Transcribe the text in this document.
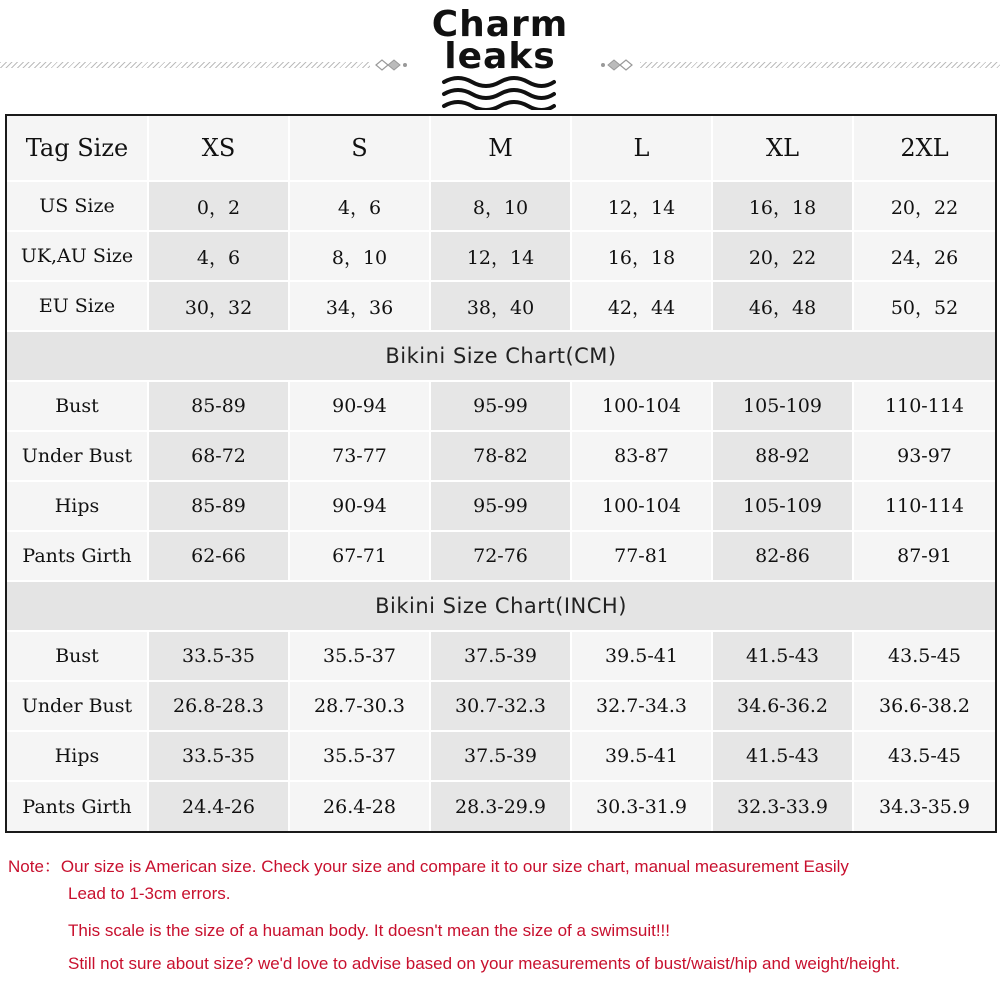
Charm
leaks
Tag Size	XS	S	M	L	XL	2XL
US Size	0，2	4，6	8，10	12，14	16，18	20，22
UK,AU Size	4，6	8，10	12，14	16，18	20，22	24，26
EU Size	30，32	34，36	38，40	42，44	46，48	50，52
Bikini Size Chart(CM)
Bust	85-89	90-94	95-99	100-104	105-109	110-114
Under Bust	68-72	73-77	78-82	83-87	88-92	93-97
Hips	85-89	90-94	95-99	100-104	105-109	110-114
Pants Girth	62-66	67-71	72-76	77-81	82-86	87-91
Bikini Size Chart(INCH)
Bust	33.5-35	35.5-37	37.5-39	39.5-41	41.5-43	43.5-45
Under Bust	26.8-28.3	28.7-30.3	30.7-32.3	32.7-34.3	34.6-36.2	36.6-38.2
Hips	33.5-35	35.5-37	37.5-39	39.5-41	41.5-43	43.5-45
Pants Girth	24.4-26	26.4-28	28.3-29.9	30.3-31.9	32.3-33.9	34.3-35.9
Note：Our size is American size. Check your size and compare it to our size chart, manual measurement Easily
Lead to 1-3cm errors.
This scale is the size of a huaman body. It doesn't mean the size of a swimsuit!!!
Still not sure about size? we'd love to advise based on your measurements of bust/waist/hip and weight/height.
